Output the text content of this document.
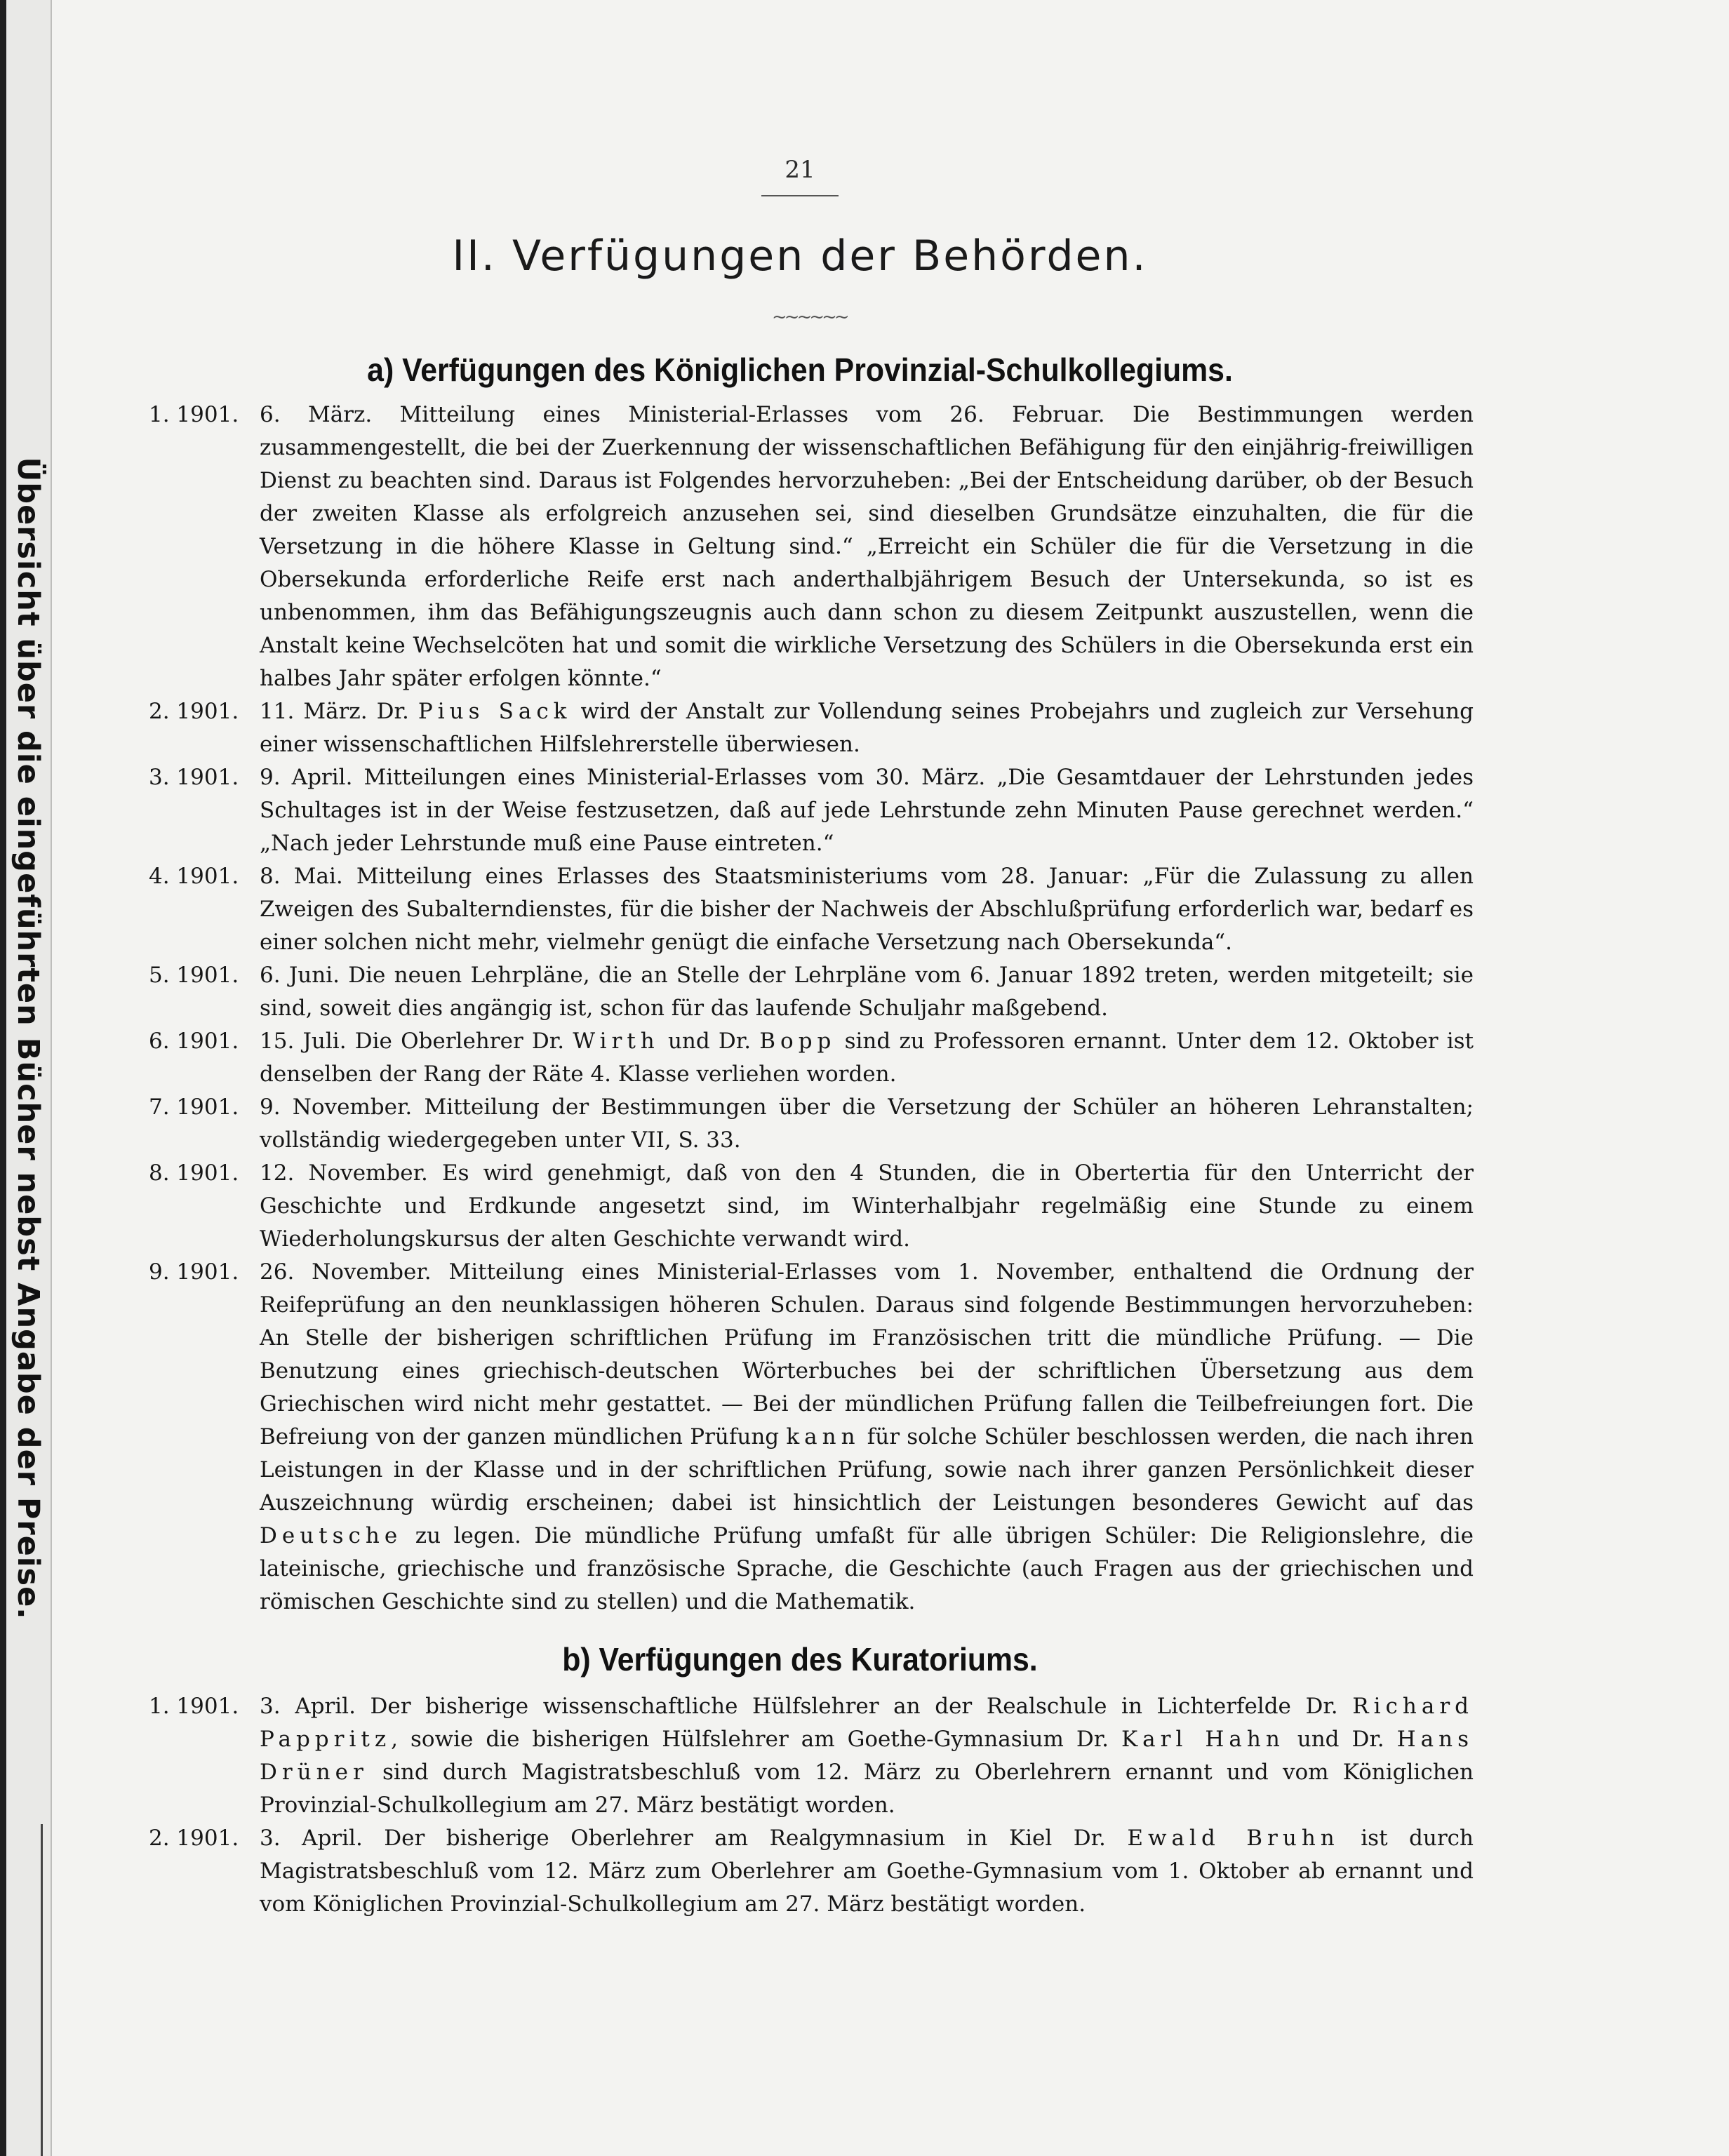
Übersicht über die eingeführten Bücher nebst Angabe der Preise.
21
II. Verfügungen der Behörden.
~~~~~~
a) Verfügungen des Königlichen Provinzial-Schulkollegiums.
1. 1901. 6. März. Mitteilung eines Ministerial-Erlasses vom 26. Februar. Die Bestimmungen werden zusammengestellt, die bei der Zuerkennung der wissenschaftlichen Befähigung für den einjährig-freiwilligen Dienst zu beachten sind. Daraus ist Folgendes hervorzuheben: „Bei der Entscheidung darüber, ob der Besuch der zweiten Klasse als erfolgreich anzusehen sei, sind dieselben Grundsätze einzuhalten, die für die Versetzung in die höhere Klasse in Geltung sind.“ „Erreicht ein Schüler die für die Versetzung in die Obersekunda erforderliche Reife erst nach anderthalbjährigem Besuch der Untersekunda, so ist es unbenommen, ihm das Befähigungszeugnis auch dann schon zu diesem Zeitpunkt auszustellen, wenn die Anstalt keine Wechselcöten hat und somit die wirkliche Versetzung des Schülers in die Obersekunda erst ein halbes Jahr später erfolgen könnte.“
2. 1901. 11. März. Dr. Pius Sack wird der Anstalt zur Vollendung seines Probejahrs und zugleich zur Versehung einer wissenschaftlichen Hilfslehrerstelle überwiesen.
3. 1901. 9. April. Mitteilungen eines Ministerial-Erlasses vom 30. März. „Die Gesamtdauer der Lehrstunden jedes Schultages ist in der Weise festzusetzen, daß auf jede Lehrstunde zehn Minuten Pause gerechnet werden.“ „Nach jeder Lehrstunde muß eine Pause eintreten.“
4. 1901. 8. Mai. Mitteilung eines Erlasses des Staatsministeriums vom 28. Januar: „Für die Zulassung zu allen Zweigen des Subalterndienstes, für die bisher der Nachweis der Abschlußprüfung erforderlich war, bedarf es einer solchen nicht mehr, vielmehr genügt die einfache Versetzung nach Obersekunda“.
5. 1901. 6. Juni. Die neuen Lehrpläne, die an Stelle der Lehrpläne vom 6. Januar 1892 treten, werden mitgeteilt; sie sind, soweit dies angängig ist, schon für das laufende Schuljahr maßgebend.
6. 1901. 15. Juli. Die Oberlehrer Dr. Wirth und Dr. Bopp sind zu Professoren ernannt. Unter dem 12. Oktober ist denselben der Rang der Räte 4. Klasse verliehen worden.
7. 1901. 9. November. Mitteilung der Bestimmungen über die Versetzung der Schüler an höheren Lehranstalten; vollständig wiedergegeben unter VII, S. 33.
8. 1901. 12. November. Es wird genehmigt, daß von den 4 Stunden, die in Obertertia für den Unterricht der Geschichte und Erdkunde angesetzt sind, im Winterhalbjahr regelmäßig eine Stunde zu einem Wiederholungskursus der alten Geschichte verwandt wird.
9. 1901. 26. November. Mitteilung eines Ministerial-Erlasses vom 1. November, enthaltend die Ordnung der Reifeprüfung an den neunklassigen höheren Schulen. Daraus sind folgende Bestimmungen hervorzuheben: An Stelle der bisherigen schriftlichen Prüfung im Französischen tritt die mündliche Prüfung. — Die Benutzung eines griechisch-deutschen Wörterbuches bei der schriftlichen Übersetzung aus dem Griechischen wird nicht mehr gestattet. — Bei der mündlichen Prüfung fallen die Teilbefreiungen fort. Die Befreiung von der ganzen mündlichen Prüfung kann für solche Schüler beschlossen werden, die nach ihren Leistungen in der Klasse und in der schriftlichen Prüfung, sowie nach ihrer ganzen Persönlichkeit dieser Auszeichnung würdig erscheinen; dabei ist hinsichtlich der Leistungen besonderes Gewicht auf das Deutsche zu legen. Die mündliche Prüfung umfaßt für alle übrigen Schüler: Die Religionslehre, die lateinische, griechische und französische Sprache, die Geschichte (auch Fragen aus der griechischen und römischen Geschichte sind zu stellen) und die Mathematik.
b) Verfügungen des Kuratoriums.
1. 1901. 3. April. Der bisherige wissenschaftliche Hülfslehrer an der Realschule in Lichterfelde Dr. Richard Pappritz, sowie die bisherigen Hülfslehrer am Goethe-Gymnasium Dr. Karl Hahn und Dr. Hans Drüner sind durch Magistratsbeschluß vom 12. März zu Oberlehrern ernannt und vom Königlichen Provinzial-Schulkollegium am 27. März bestätigt worden.
2. 1901. 3. April. Der bisherige Oberlehrer am Realgymnasium in Kiel Dr. Ewald Bruhn ist durch Magistratsbeschluß vom 12. März zum Oberlehrer am Goethe-Gymnasium vom 1. Oktober ab ernannt und vom Königlichen Provinzial-Schulkollegium am 27. März bestätigt worden.
